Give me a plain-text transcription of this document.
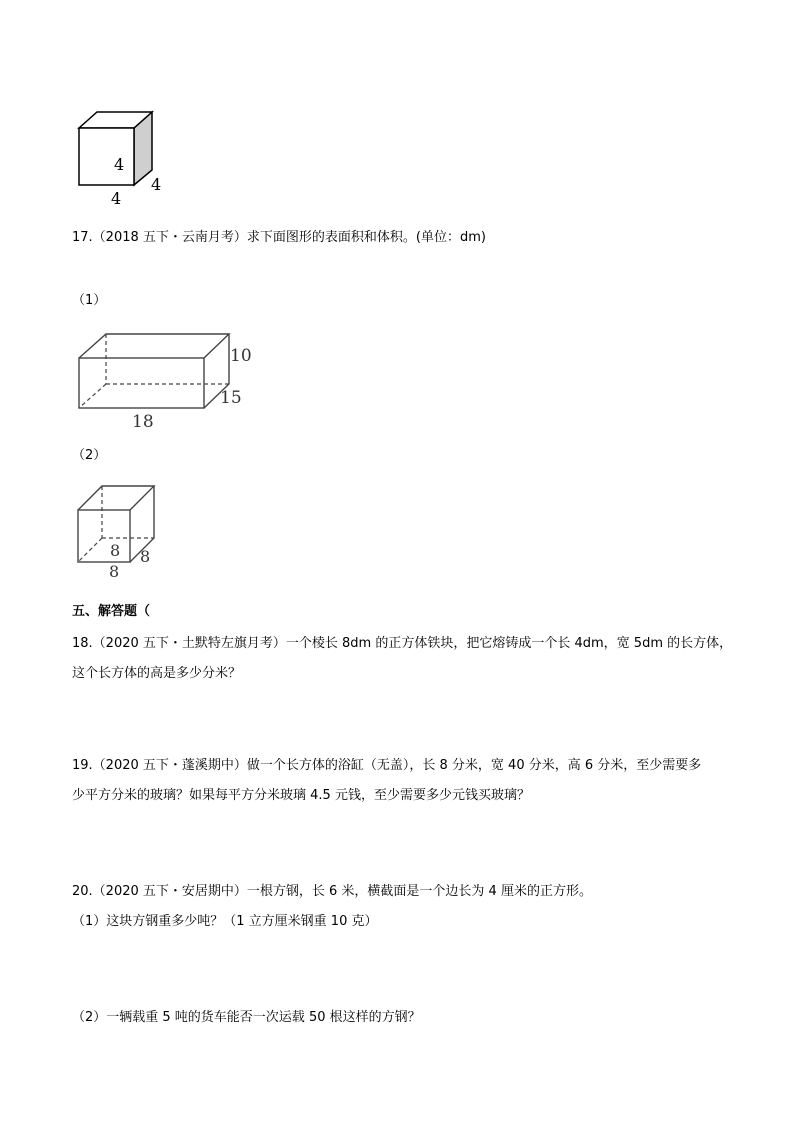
4
4
4
17.（2018 五下・云南月考）求下面图形的表面积和体积。(单位：dm)
（1）
10
15
18
（2）
8 8
8
五、解答题（
18.（2020 五下・土默特左旗月考）一个棱长 8dm 的正方体铁块，把它熔铸成一个长 4dm，宽 5dm 的长方体，
这个长方体的高是多少分米？
19.（2020 五下・蓬溪期中）做一个长方体的浴缸（无盖），长 8 分米，宽 40 分米，高 6 分米，至少需要多
少平方分米的玻璃？如果每平方分米玻璃 4.5 元钱，至少需要多少元钱买玻璃？
20.（2020 五下・安居期中）一根方钢，长 6 米，横截面是一个边长为 4 厘米的正方形。
（1）这块方钢重多少吨？（1 立方厘米钢重 10 克）
（2）一辆载重 5 吨的货车能否一次运载 50 根这样的方钢？
